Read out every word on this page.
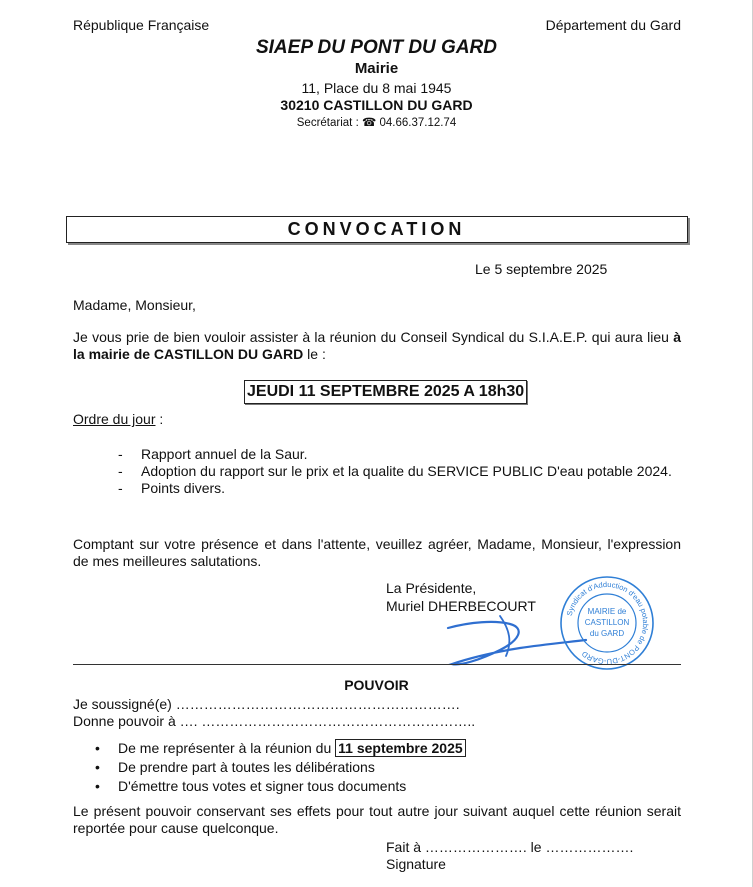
République Française	Département du Gard
SIAEP DU PONT DU GARD
Mairie
11, Place du 8 mai 1945
30210 CASTILLON DU GARD
Secrétariat : ☎ 04.66.37.12.74
CONVOCATION
Le 5 septembre 2025
Madame, Monsieur,
Je vous prie de bien vouloir assister à la réunion du Conseil Syndical du S.I.A.E.P. qui aura lieu à la mairie de CASTILLON DU GARD le :
JEUDI 11 SEPTEMBRE 2025 A 18h30
Ordre du jour :
- Rapport annuel de la Saur.
- Adoption du rapport sur le prix et la qualite du SERVICE PUBLIC D'eau potable 2024.
- Points divers.
Comptant sur votre présence et dans l'attente, veuillez agréer, Madame, Monsieur, l'expression de mes meilleures salutations.
La Présidente,
Muriel DHERBECOURT	Syndicat d'Adduction d'eau potable de PONT-DU-GARD
MAIRIE de
CASTILLON
du GARD
POUVOIR
Je soussigné(e) …………………………………………………….
Donne pouvoir à …. …………………………………………………..
• De me représenter à la réunion du 11 septembre 2025
• De prendre part à toutes les délibérations
• D'émettre tous votes et signer tous documents
Le présent pouvoir conservant ses effets pour tout autre jour suivant auquel cette réunion serait reportée pour cause quelconque.
Fait à …………………. le ……………….
Signature
